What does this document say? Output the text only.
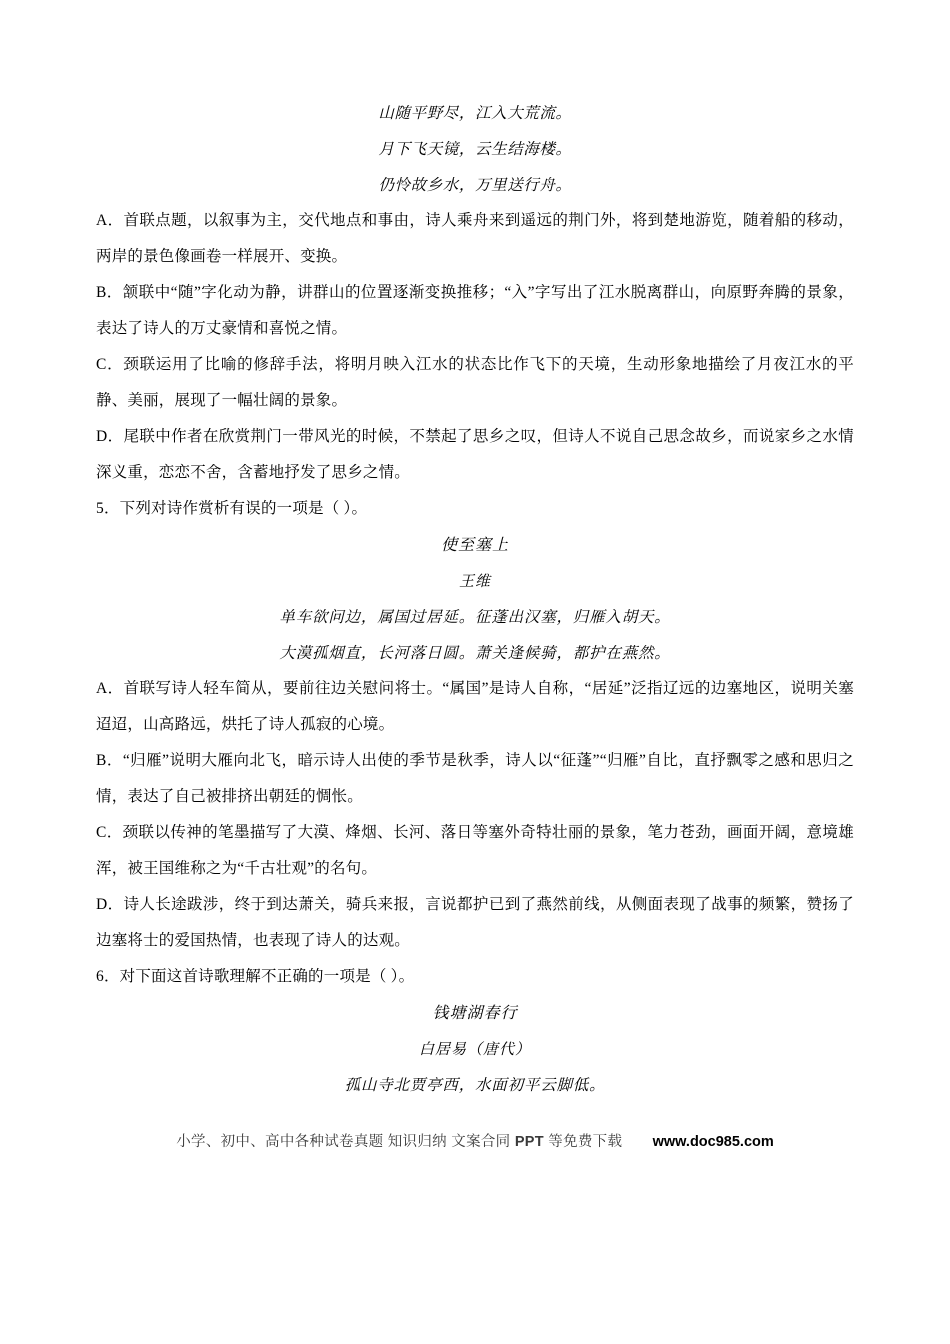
山随平野尽，江入大荒流。
月下飞天镜，云生结海楼。
仍怜故乡水，万里送行舟。

A．首联点题，以叙事为主，交代地点和事由，诗人乘舟来到遥远的荆门外，将到楚地游览，随着船的移动，两岸的景色像画卷一样展开、变换。

B．颔联中“随”字化动为静，讲群山的位置逐渐变换推移；“入”字写出了江水脱离群山，向原野奔腾的景象，表达了诗人的万丈豪情和喜悦之情。

C．颈联运用了比喻的修辞手法，将明月映入江水的状态比作飞下的天境，生动形象地描绘了月夜江水的平静、美丽，展现了一幅壮阔的景象。

D．尾联中作者在欣赏荆门一带风光的时候，不禁起了思乡之叹，但诗人不说自己思念故乡，而说家乡之水情深义重，恋恋不舍，含蓄地抒发了思乡之情。

5．下列对诗作赏析有误的一项是（ ）。

使至塞上
王维
单车欲问边，属国过居延。征蓬出汉塞，归雁入胡天。
大漠孤烟直，长河落日圆。萧关逢候骑，都护在燕然。

A．首联写诗人轻车简从，要前往边关慰问将士。“属国”是诗人自称，“居延”泛指辽远的边塞地区，说明关塞迢迢，山高路远，烘托了诗人孤寂的心境。

B．“归雁”说明大雁向北飞，暗示诗人出使的季节是秋季，诗人以“征蓬”“归雁”自比，直抒飘零之感和思归之情，表达了自己被排挤出朝廷的惆怅。

C．颈联以传神的笔墨描写了大漠、烽烟、长河、落日等塞外奇特壮丽的景象，笔力苍劲，画面开阔，意境雄浑，被王国维称之为“千古壮观”的名句。

D．诗人长途跋涉，终于到达萧关，骑兵来报，言说都护已到了燕然前线，从侧面表现了战事的频繁，赞扬了边塞将士的爱国热情，也表现了诗人的达观。

6．对下面这首诗歌理解不正确的一项是（ ）。

钱塘湖春行
白居易（唐代）
孤山寺北贾亭西，水面初平云脚低。
小学、初中、高中各种试卷真题 知识归纳 文案合同 PPT 等免费下载 www.doc985.com
